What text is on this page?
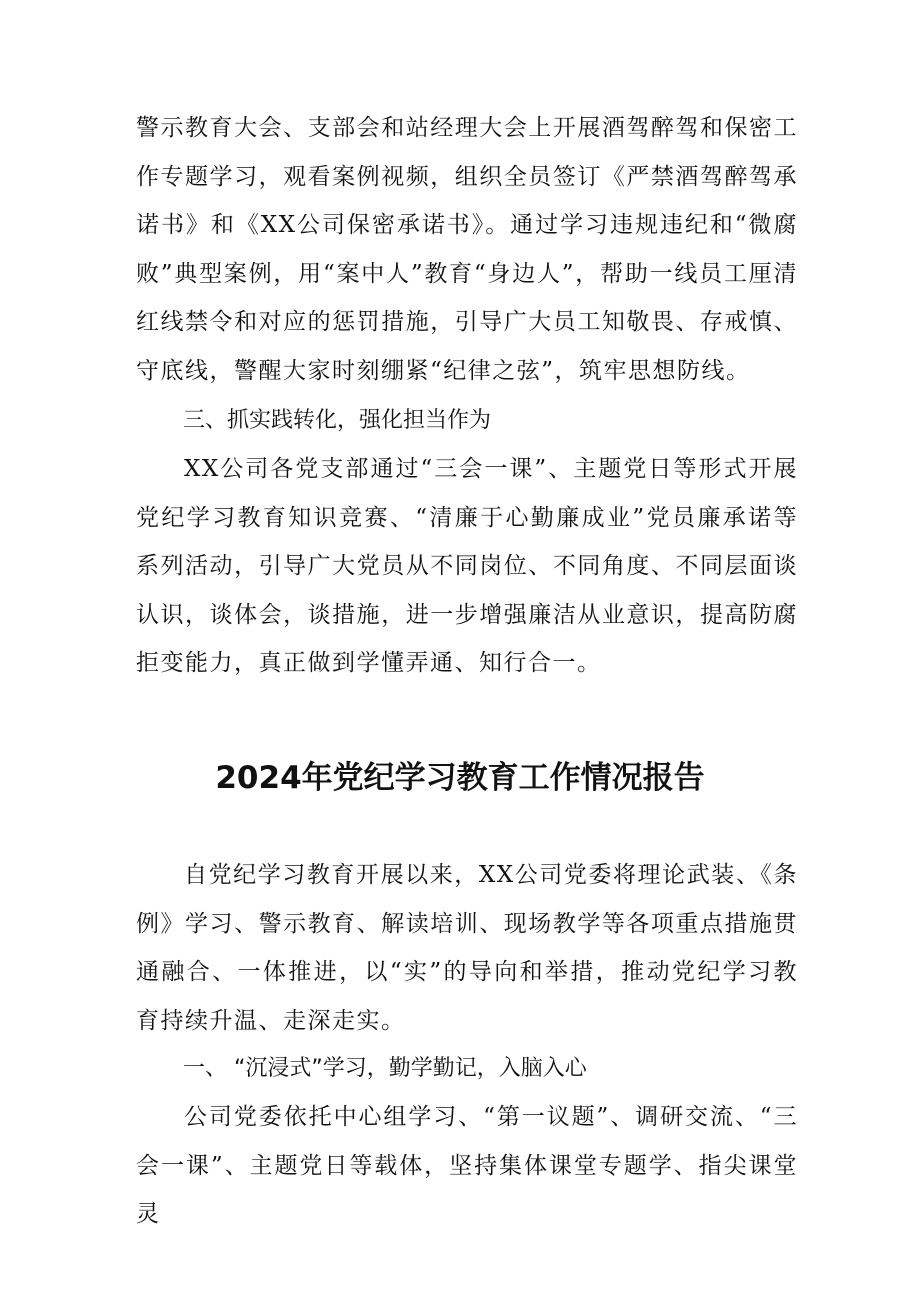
警示教育大会、支部会和站经理大会上开展酒驾醉驾和保密工作专题学习，观看案例视频，组织全员签订《严禁酒驾醉驾承诺书》和《XX公司保密承诺书》。通过学习违规违纪和“微腐败”典型案例，用“案中人”教育“身边人”，帮助一线员工厘清红线禁令和对应的惩罚措施，引导广大员工知敬畏、存戒慎、守底线，警醒大家时刻绷紧“纪律之弦”，筑牢思想防线。

三、抓实践转化，强化担当作为

XX公司各党支部通过“三会一课”、主题党日等形式开展党纪学习教育知识竞赛、“清廉于心勤廉成业”党员廉承诺等系列活动，引导广大党员从不同岗位、不同角度、不同层面谈认识，谈体会，谈措施，进一步增强廉洁从业意识，提高防腐拒变能力，真正做到学懂弄通、知行合一。

2024年党纪学习教育工作情况报告

自党纪学习教育开展以来，XX公司党委将理论武装、《条例》学习、警示教育、解读培训、现场教学等各项重点措施贯通融合、一体推进，以“实”的导向和举措，推动党纪学习教育持续升温、走深走实。

一、 “沉浸式”学习，勤学勤记，入脑入心

公司党委依托中心组学习、“第一议题”、调研交流、“三会一课”、主题党日等载体，坚持集体课堂专题学、指尖课堂灵
